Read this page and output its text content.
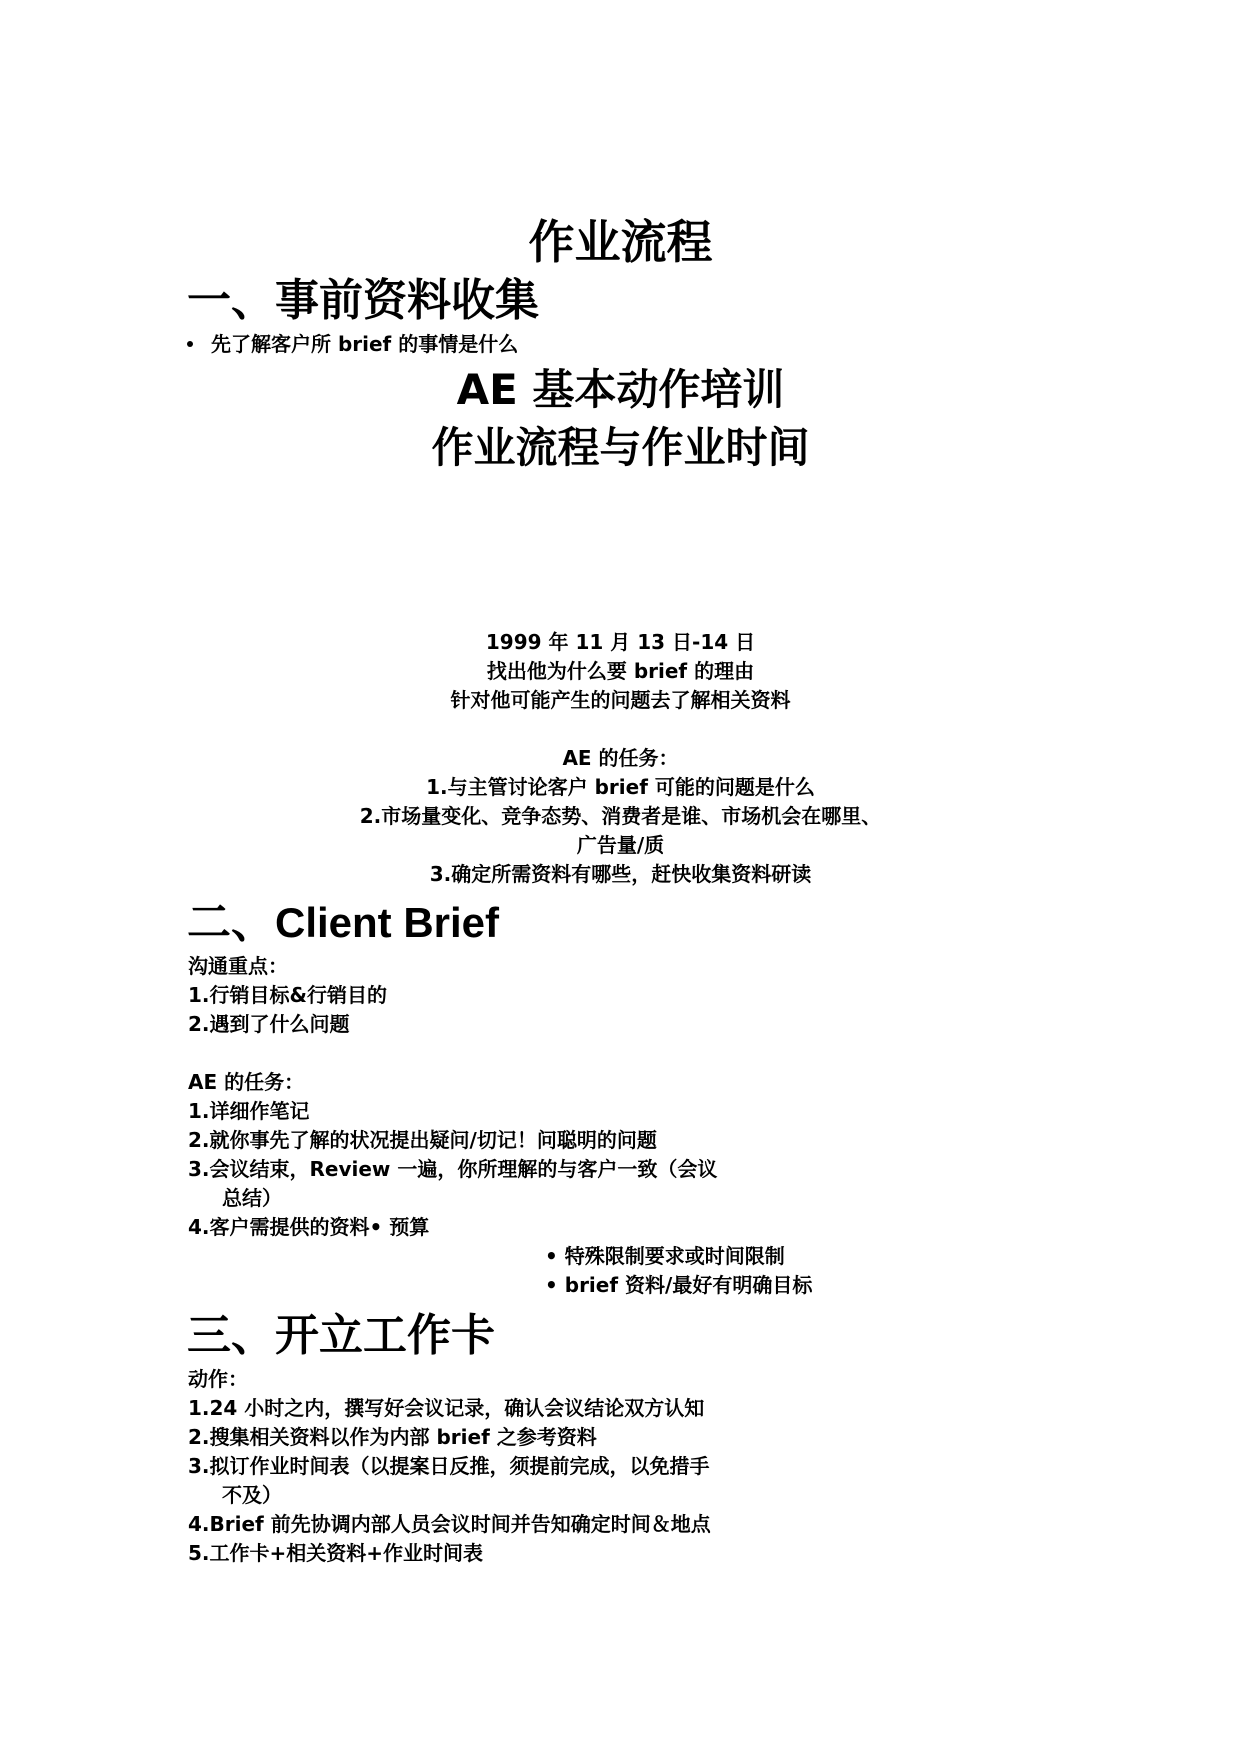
作业流程
一、事前资料收集
先了解客户所 brief 的事情是什么
AE 基本动作培训
作业流程与作业时间
1999 年 11 月 13 日-14 日
找出他为什么要 brief 的理由
针对他可能产生的问题去了解相关资料
AE 的任务：
1.与主管讨论客户 brief 可能的问题是什么
2.市场量变化、竞争态势、消费者是谁、市场机会在哪里、
广告量/质
3.确定所需资料有哪些，赶快收集资料研读
二、Client Brief
沟通重点：
1.行销目标&行销目的
2.遇到了什么问题
AE 的任务：
1.详细作笔记
2.就你事先了解的状况提出疑问/切记！问聪明的问题
3.会议结束，Review 一遍，你所理解的与客户一致（会议
总结）
4.客户需提供的资料• 预算
• 特殊限制要求或时间限制
• brief 资料/最好有明确目标
三、开立工作卡
动作：
1.24 小时之内，撰写好会议记录，确认会议结论双方认知
2.搜集相关资料以作为内部 brief 之参考资料
3.拟订作业时间表（以提案日反推，须提前完成，以免措手
不及）
4.Brief 前先协调内部人员会议时间并告知确定时间＆地点
5.工作卡+相关资料+作业时间表
